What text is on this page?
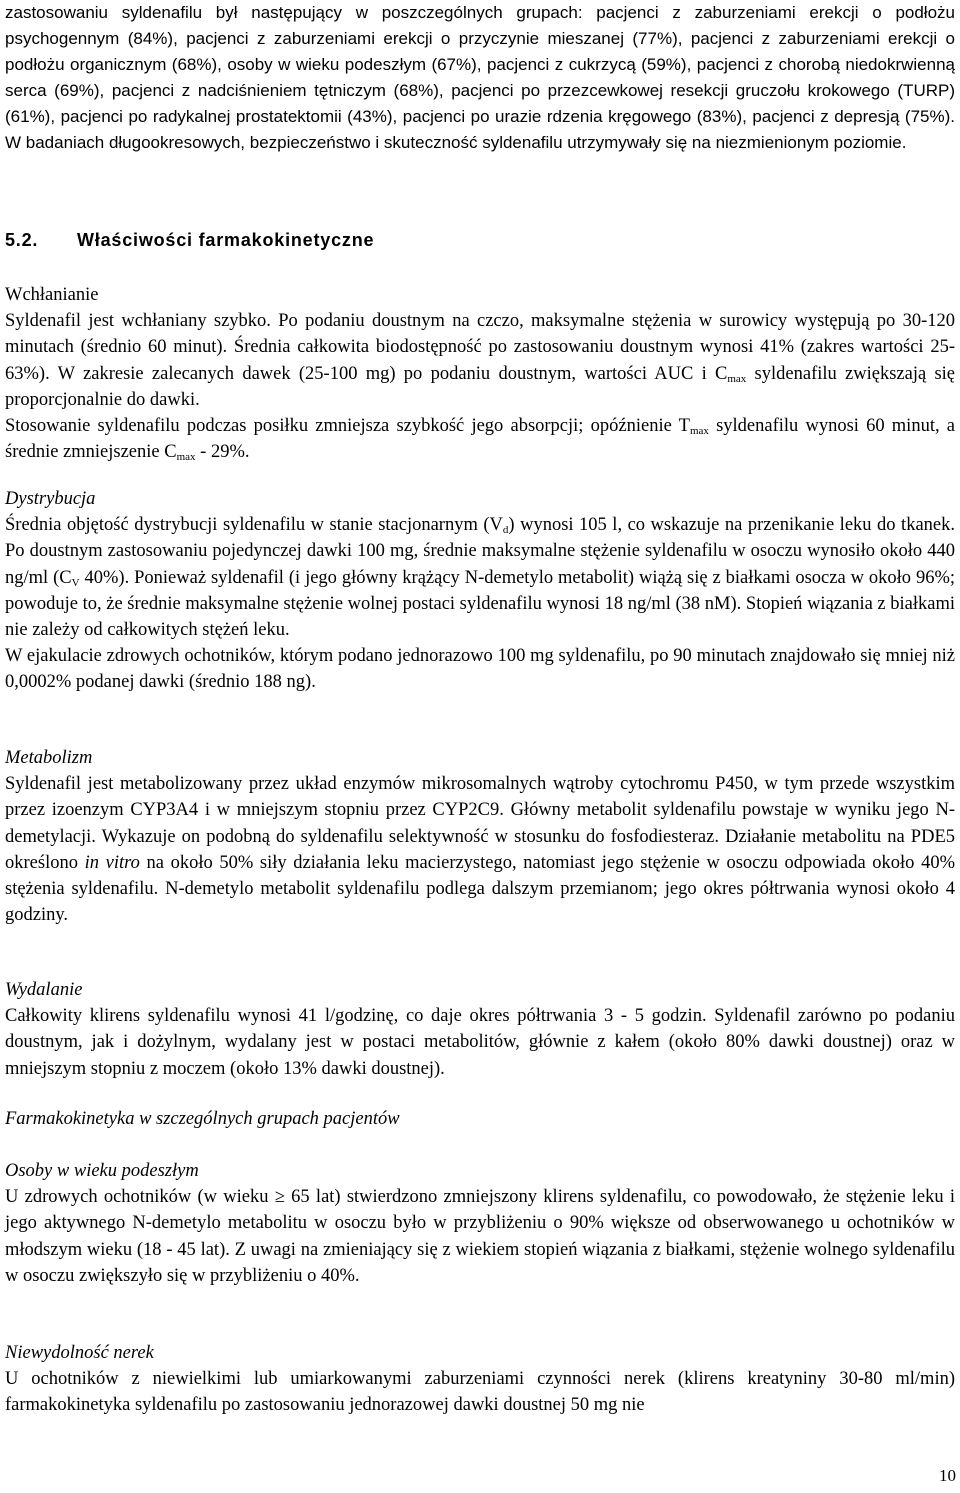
zastosowaniu syldenafilu był następujący w poszczególnych grupach: pacjenci z zaburzeniami erekcji o podłożu psychogennym (84%), pacjenci z zaburzeniami erekcji o przyczynie mieszanej (77%), pacjenci z zaburzeniami erekcji o podłożu organicznym (68%), osoby w wieku podeszłym (67%), pacjenci z cukrzycą (59%), pacjenci z chorobą niedokrwienną serca (69%), pacjenci z nadciśnieniem tętniczym (68%), pacjenci po przezcewkowej resekcji gruczołu krokowego (TURP) (61%), pacjenci po radykalnej prostatektomii (43%), pacjenci po urazie rdzenia kręgowego (83%), pacjenci z depresją (75%). W badaniach długookresowych, bezpieczeństwo i skuteczność syldenafilu utrzymywały się na niezmienionym poziomie.

5.2. Właściwości farmakokinetyczne

Wchłanianie

Syldenafil jest wchłaniany szybko. Po podaniu doustnym na czczo, maksymalne stężenia w surowicy występują po 30-120 minutach (średnio 60 minut). Średnia całkowita biodostępność po zastosowaniu doustnym wynosi 41% (zakres wartości 25-63%). W zakresie zalecanych dawek (25-100 mg) po podaniu doustnym, wartości AUC i $C_{max}$ syldenafilu zwiększają się proporcjonalnie do dawki.

Stosowanie syldenafilu podczas posiłku zmniejsza szybkość jego absorpcji; opóźnienie $T_{max}$ syldenafilu wynosi 60 minut, a średnie zmniejszenie $C_{max} - 29\%$.

Dystrybucja

Średnia objętość dystrybucji syldenafilu w stanie stacjonarnym $(V_d)$ wynosi 105 l, co wskazuje na przenikanie leku do tkanek. Po doustnym zastosowaniu pojedynczej dawki 100 mg, średnie maksymalne stężenie syldenafilu w osoczu wynosiło około 440 ng/ml ($C_V$ 40%). Ponieważ syldenafil (i jego główny krążący N-demetylo metabolit) wiążą się z białkami osocza w około 96%; powoduje to, że średnie maksymalne stężenie wolnej postaci syldenafilu wynosi 18 ng/ml (38 nM). Stopień wiązania z białkami nie zależy od całkowitych stężeń leku.

W ejakulacie zdrowych ochotników, którym podano jednorazowo 100 mg syldenafilu, po 90 minutach znajdowało się mniej niż 0,0002% podanej dawki (średnio 188 ng).

Metabolizm

Syldenafil jest metabolizowany przez układ enzymów mikrosomalnych wątroby cytochromu P450, w tym przede wszystkim przez izoenzym CYP3A4 i w mniejszym stopniu przez CYP2C9. Główny metabolit syldenafilu powstaje w wyniku jego N-demetylacji. Wykazuje on podobną do syldenafilu selektywność w stosunku do fosfodiesteraz. Działanie metabolitu na PDE5 określono in vitro na około 50% siły działania leku macierzystego, natomiast jego stężenie w osoczu odpowiada około 40% stężenia syldenafilu. N-demetylo metabolit syldenafilu podlega dalszym przemianom; jego okres półtrwania wynosi około 4 godziny.

Wydalanie

Całkowity klirens syldenafilu wynosi 41 l/godzinę, co daje okres półtrwania 3 - 5 godzin. Syldenafil zarówno po podaniu doustnym, jak i dożylnym, wydalany jest w postaci metabolitów, głównie z kałem (około 80% dawki doustnej) oraz w mniejszym stopniu z moczem (około 13% dawki doustnej).

Farmakokinetyka w szczególnych grupach pacjentów

Osoby w wieku podeszłym

U zdrowych ochotników (w wieku ≥ 65 lat) stwierdzono zmniejszony klirens syldenafilu, co powodowało, że stężenie leku i jego aktywnego N-demetylo metabolitu w osoczu było w przybliżeniu o 90% większe od obserwowanego u ochotników w młodszym wieku (18 - 45 lat). Z uwagi na zmieniający się z wiekiem stopień wiązania z białkami, stężenie wolnego syldenafilu w osoczu zwiększyło się w przybliżeniu o 40%.

Niewydolność nerek

U ochotników z niewielkimi lub umiarkowanymi zaburzeniami czynności nerek (klirens kreatyniny 30-80 ml/min) farmakokinetyka syldenafilu po zastosowaniu jednorazowej dawki doustnej 50 mg nie

10
